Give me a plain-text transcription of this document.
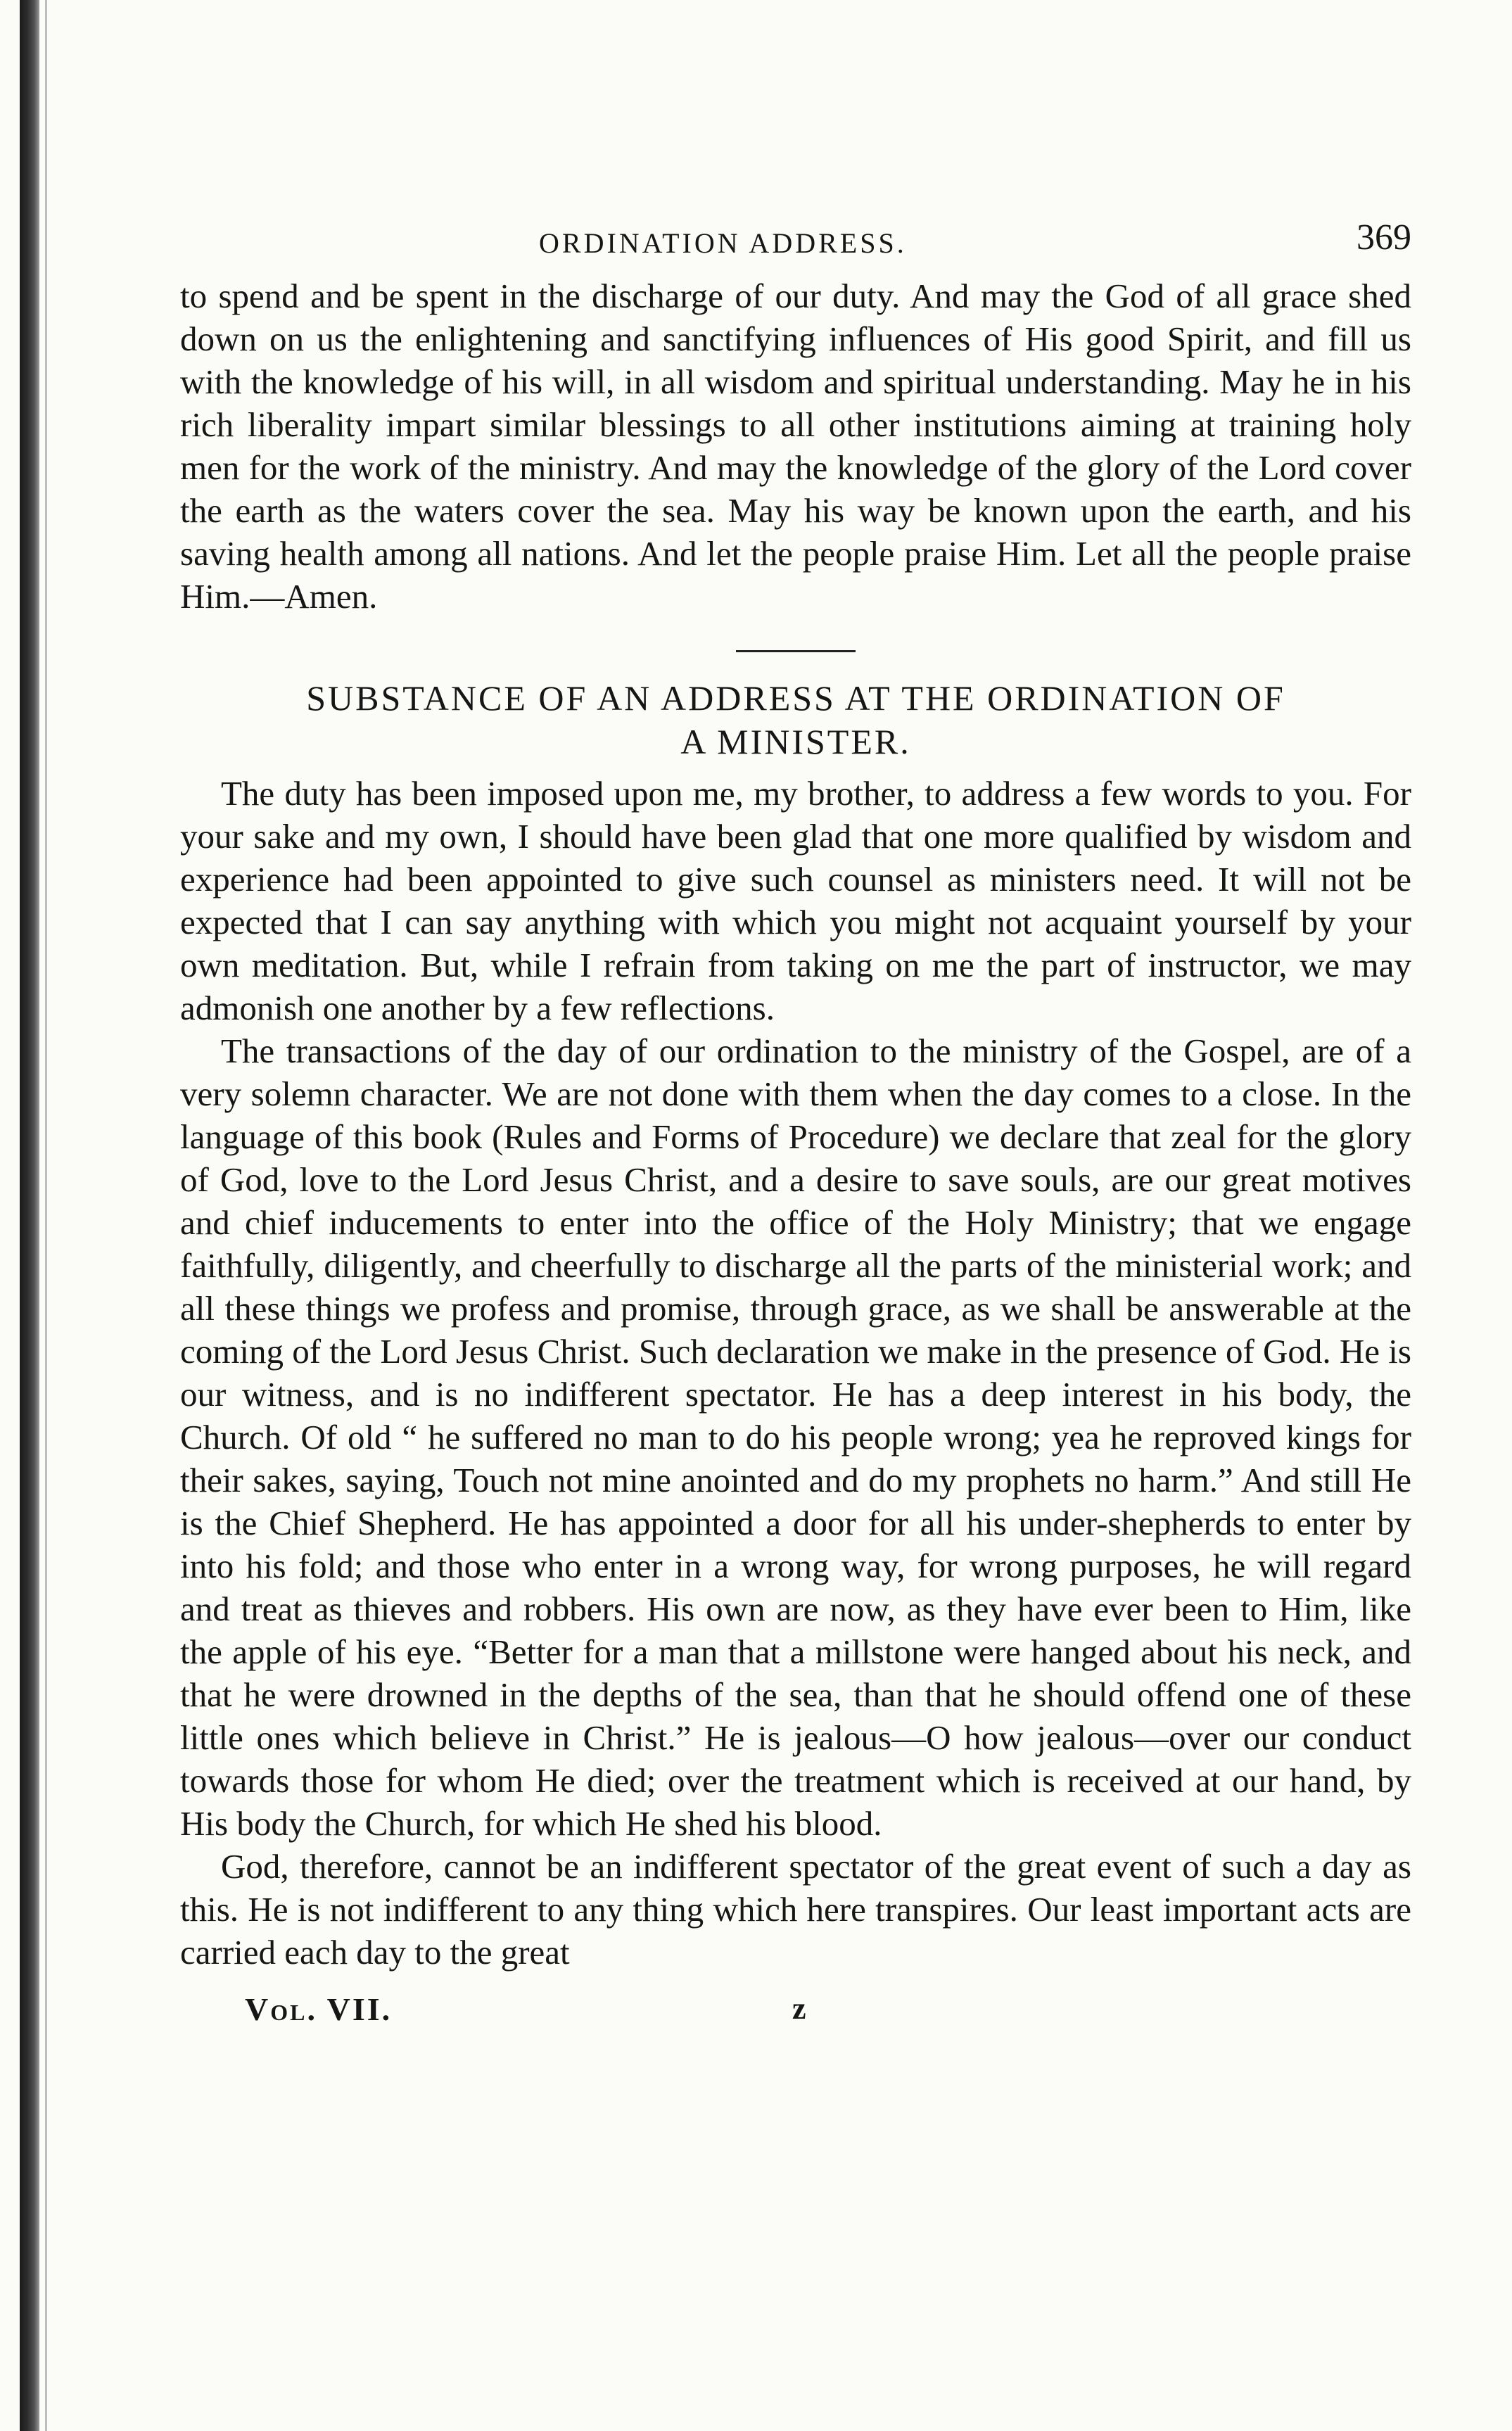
ORDINATION ADDRESS.	369

to spend and be spent in the discharge of our duty. And may the God of all grace shed down on us the enlightening and sanctifying influences of His good Spirit, and fill us with the knowledge of his will, in all wisdom and spiritual understanding. May he in his rich liberality impart similar blessings to all other institutions aiming at training holy men for the work of the ministry. And may the knowledge of the glory of the Lord cover the earth as the waters cover the sea. May his way be known upon the earth, and his saving health among all nations. And let the people praise Him. Let all the people praise Him.—Amen.

SUBSTANCE OF AN ADDRESS AT THE ORDINATION OF
A MINISTER.

The duty has been imposed upon me, my brother, to address a few words to you. For your sake and my own, I should have been glad that one more qualified by wisdom and experience had been appointed to give such counsel as ministers need. It will not be expected that I can say anything with which you might not acquaint yourself by your own meditation. But, while I refrain from taking on me the part of instructor, we may admonish one another by a few reflections.

The transactions of the day of our ordination to the ministry of the Gospel, are of a very solemn character. We are not done with them when the day comes to a close. In the language of this book (Rules and Forms of Procedure) we declare that zeal for the glory of God, love to the Lord Jesus Christ, and a desire to save souls, are our great motives and chief inducements to enter into the office of the Holy Ministry; that we engage faithfully, diligently, and cheerfully to discharge all the parts of the ministerial work; and all these things we profess and promise, through grace, as we shall be answerable at the coming of the Lord Jesus Christ. Such declaration we make in the presence of God. He is our witness, and is no indifferent spectator. He has a deep interest in his body, the Church. Of old “ he suffered no man to do his people wrong; yea he reproved kings for their sakes, saying, Touch not mine anointed and do my prophets no harm.” And still He is the Chief Shepherd. He has appointed a door for all his under-shepherds to enter by into his fold; and those who enter in a wrong way, for wrong purposes, he will regard and treat as thieves and robbers. His own are now, as they have ever been to Him, like the apple of his eye. “Better for a man that a millstone were hanged about his neck, and that he were drowned in the depths of the sea, than that he should offend one of these little ones which believe in Christ.” He is jealous—O how jealous—over our conduct towards those for whom He died; over the treatment which is received at our hand, by His body the Church, for which He shed his blood.

God, therefore, cannot be an indifferent spectator of the great event of such a day as this. He is not indifferent to any thing which here transpires. Our least important acts are carried each day to the great

Vol. VII.	z
